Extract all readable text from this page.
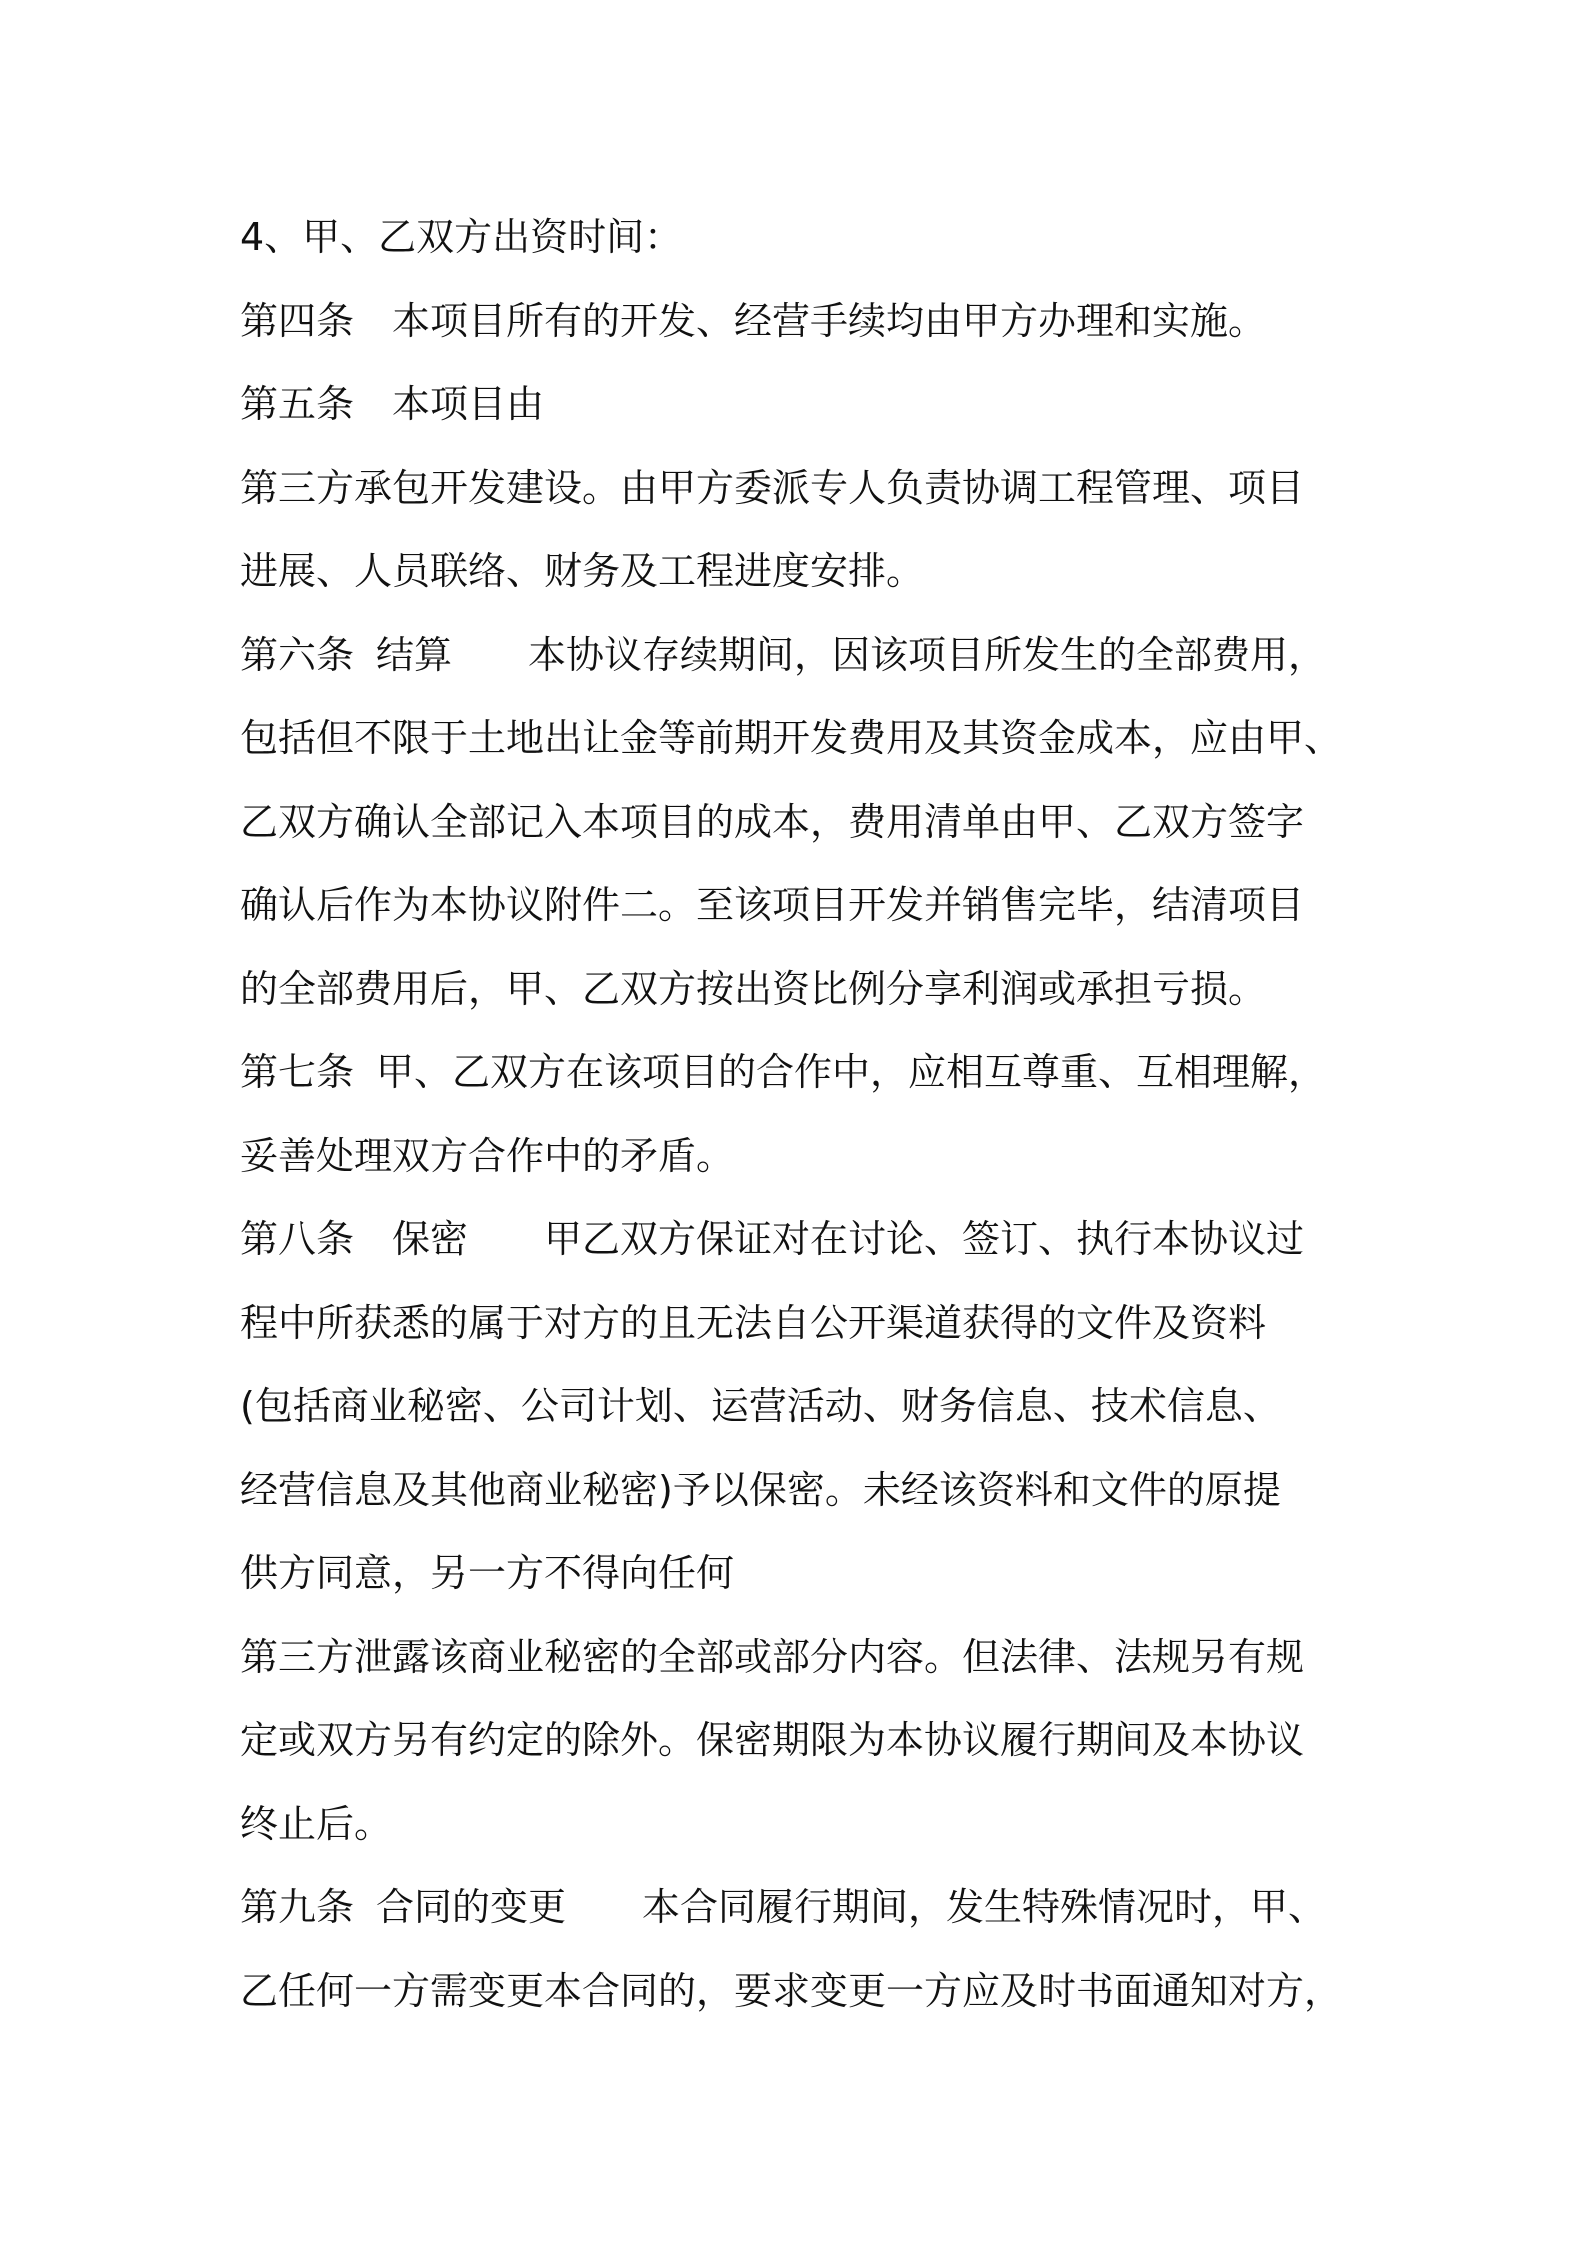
4、甲、乙双方出资时间：
第四条 本项目所有的开发、经营手续均由甲方办理和实施。
第五条 本项目由
第三方承包开发建设。由甲方委派专人负责协调工程管理、项目
进展、人员联络、财务及工程进度安排。
第六条 结算 本协议存续期间，因该项目所发生的全部费用，
包括但不限于土地出让金等前期开发费用及其资金成本，应由甲、
乙双方确认全部记入本项目的成本，费用清单由甲、乙双方签字
确认后作为本协议附件二。至该项目开发并销售完毕，结清项目
的全部费用后，甲、乙双方按出资比例分享利润或承担亏损。
第七条 甲、乙双方在该项目的合作中，应相互尊重、互相理解，
妥善处理双方合作中的矛盾。
第八条 保密 甲乙双方保证对在讨论、签订、执行本协议过
程中所获悉的属于对方的且无法自公开渠道获得的文件及资料
(包括商业秘密、公司计划、运营活动、财务信息、技术信息、
经营信息及其他商业秘密)予以保密。未经该资料和文件的原提
供方同意，另一方不得向任何
第三方泄露该商业秘密的全部或部分内容。但法律、法规另有规
定或双方另有约定的除外。保密期限为本协议履行期间及本协议
终止后。
第九条 合同的变更 本合同履行期间，发生特殊情况时，甲、
乙任何一方需变更本合同的，要求变更一方应及时书面通知对方，
